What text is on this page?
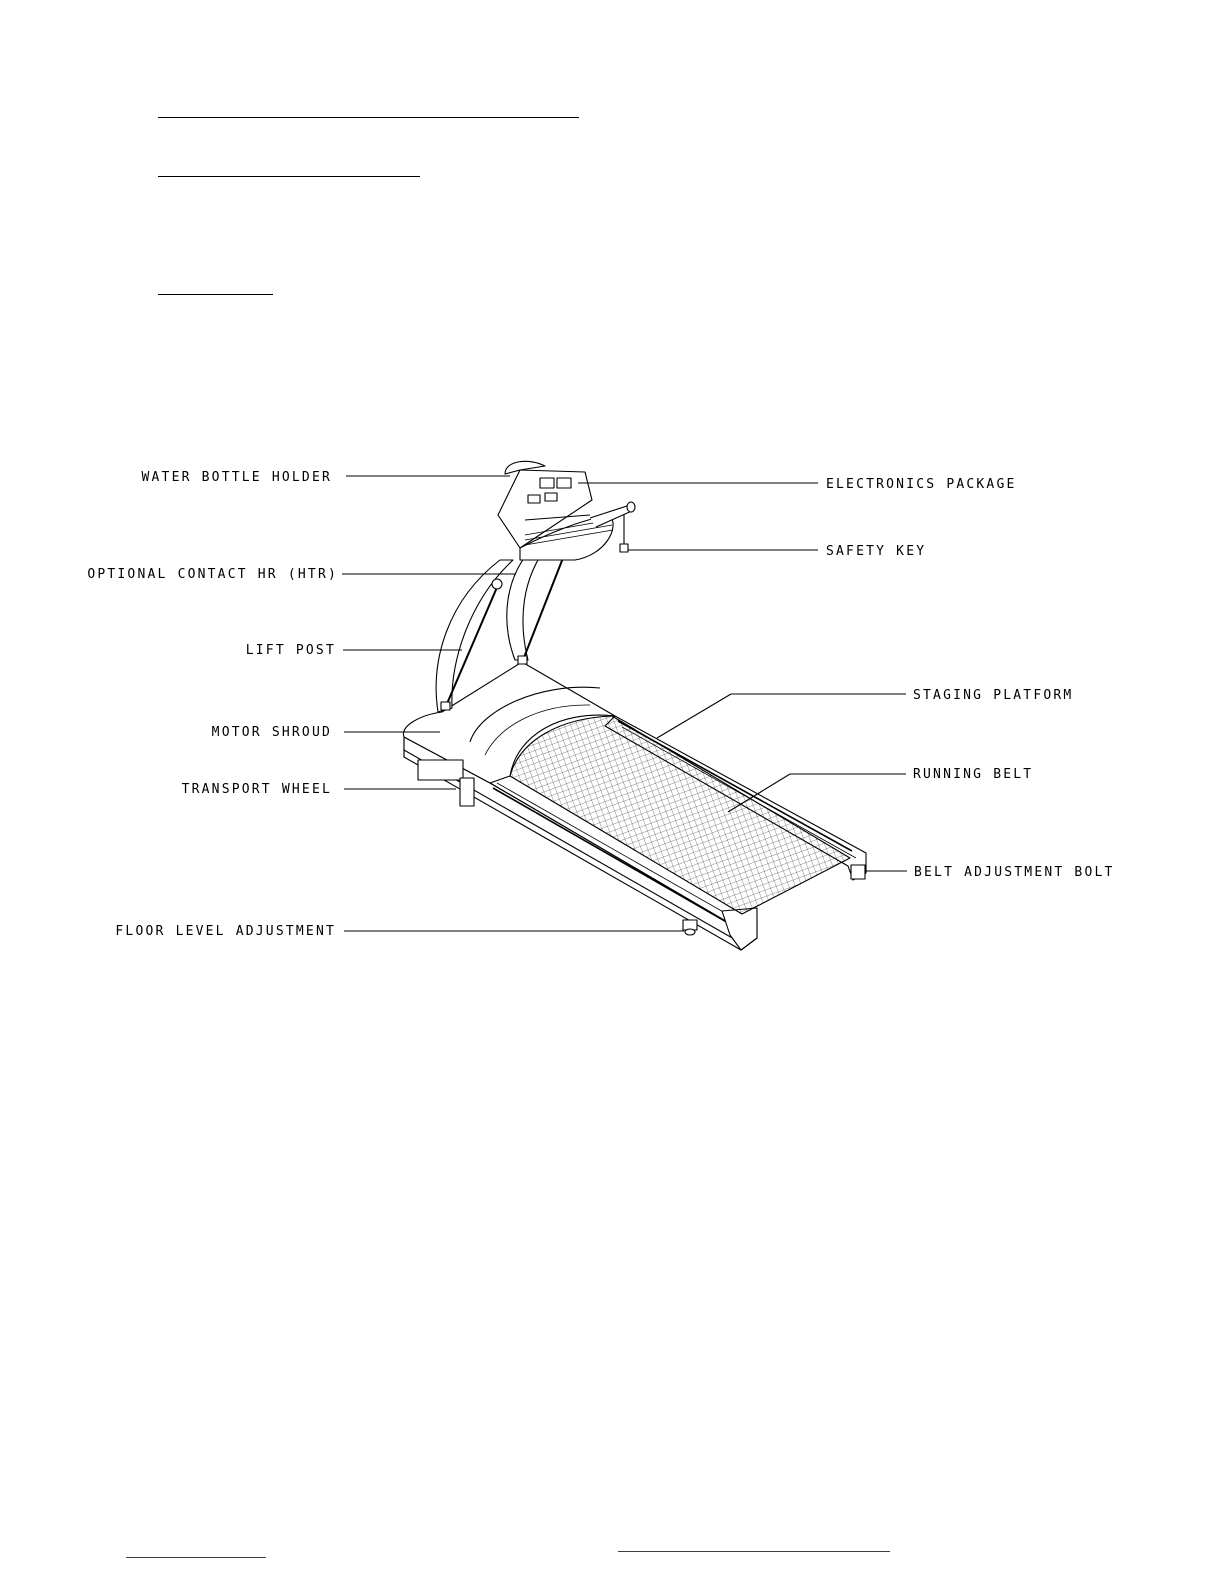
WATER BOTTLE HOLDER
OPTIONAL CONTACT HR (HTR)
LIFT POST
MOTOR SHROUD
TRANSPORT WHEEL
FLOOR LEVEL ADJUSTMENT
ELECTRONICS PACKAGE
SAFETY KEY
STAGING PLATFORM
RUNNING BELT
BELT ADJUSTMENT BOLT
